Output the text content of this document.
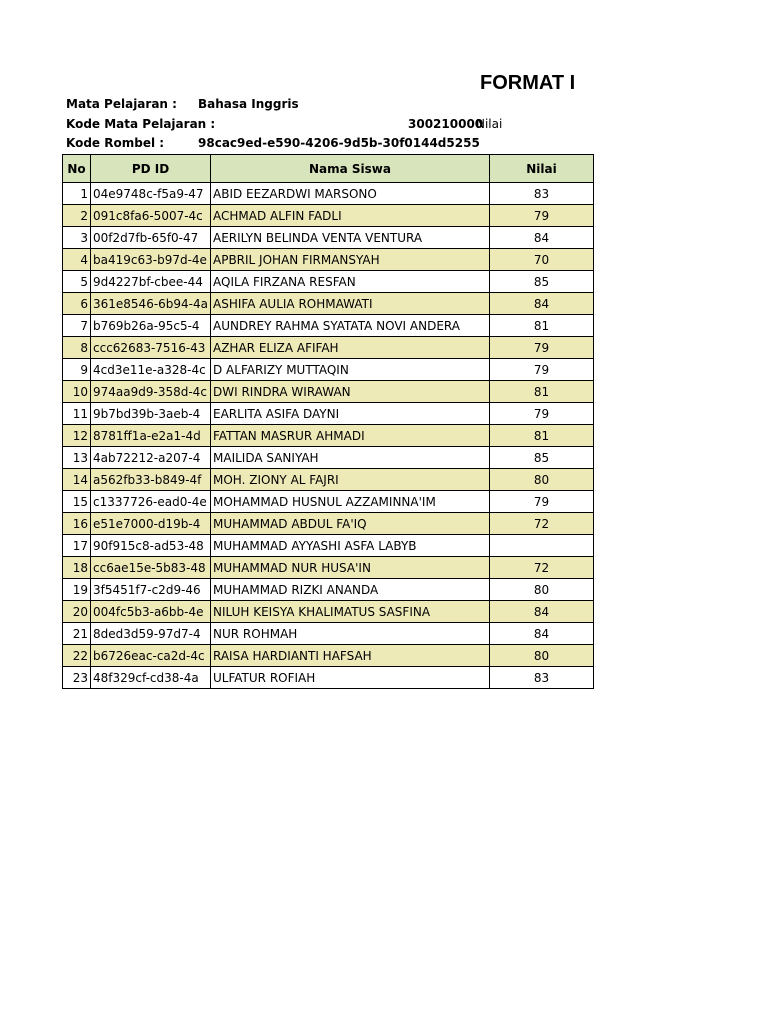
FORMAT I
Mata Pelajaran : Bahasa Inggris
Kode Mata Pelajaran :	300210000
Nilai
Kode Rombel :	98cac9ed-e590-4206-9d5b-30f0144d5255
No	PD ID	Nama Siswa	Nilai
1	04e9748c-f5a9-47	ABID EEZARDWI MARSONO	83
2	091c8fa6-5007-4c	ACHMAD ALFIN FADLI	79
3	00f2d7fb-65f0-47	AERILYN BELINDA VENTA VENTURA	84
4	ba419c63-b97d-4e	APBRIL JOHAN FIRMANSYAH	70
5	9d4227bf-cbee-44	AQILA FIRZANA RESFAN	85
6	361e8546-6b94-4a	ASHIFA AULIA ROHMAWATI	84
7	b769b26a-95c5-4	AUNDREY RAHMA SYATATA NOVI ANDERA	81
8	ccc62683-7516-43	AZHAR ELIZA AFIFAH	79
9	4cd3e11e-a328-4c	D ALFARIZY MUTTAQIN	79
10	974aa9d9-358d-4c	DWI RINDRA WIRAWAN	81
11	9b7bd39b-3aeb-4	EARLITA ASIFA DAYNI	79
12	8781ff1a-e2a1-4d	FATTAN MASRUR AHMADI	81
13	4ab72212-a207-4	MAILIDA SANIYAH	85
14	a562fb33-b849-4f	MOH. ZIONY AL FAJRI	80
15	c1337726-ead0-4e	MOHAMMAD HUSNUL AZZAMINNA'IM	79
16	e51e7000-d19b-4	MUHAMMAD ABDUL FA'IQ	72
17	90f915c8-ad53-48	MUHAMMAD AYYASHI ASFA LABYB	
18	cc6ae15e-5b83-48	MUHAMMAD NUR HUSA'IN	72
19	3f5451f7-c2d9-46	MUHAMMAD RIZKI ANANDA	80
20	004fc5b3-a6bb-4e	NILUH KEISYA KHALIMATUS SASFINA	84
21	8ded3d59-97d7-4	NUR ROHMAH	84
22	b6726eac-ca2d-4c	RAISA HARDIANTI HAFSAH	80
23	48f329cf-cd38-4a	ULFATUR ROFIAH	83
